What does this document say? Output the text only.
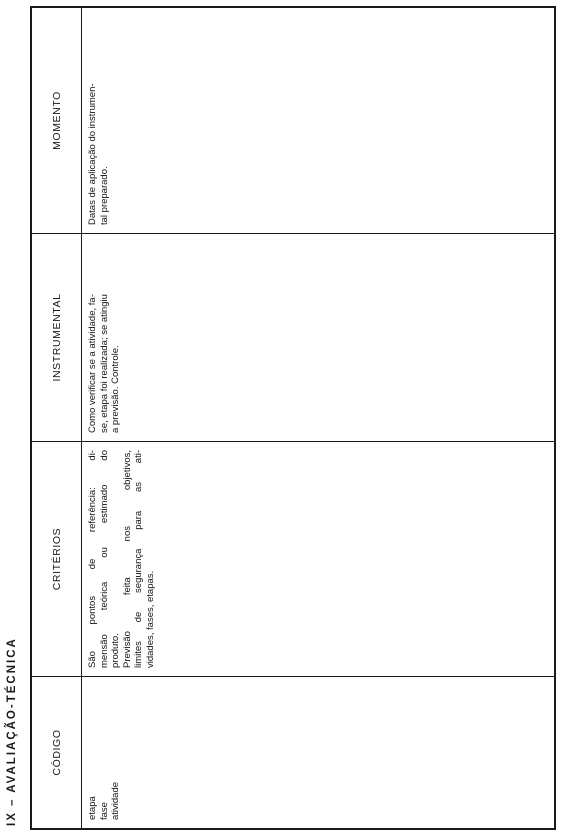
IX – AVALIAÇÃO-TÉCNICA	CÓDIGO
CRITÉRIOS
INSTRUMENTAL
MOMENTO
etapa fase atividade
São pontos de referência: di- mensão teórica ou estimado do produto. Previsão feita nos objetivos, limites de segurança para as ati- vidades, fases, etapas.
Como verificar se a atividade, fa- se, etapa foi realizada; se atingiu a previsão. Controle.
Datas de aplicação do instrumen- tal preparado.
